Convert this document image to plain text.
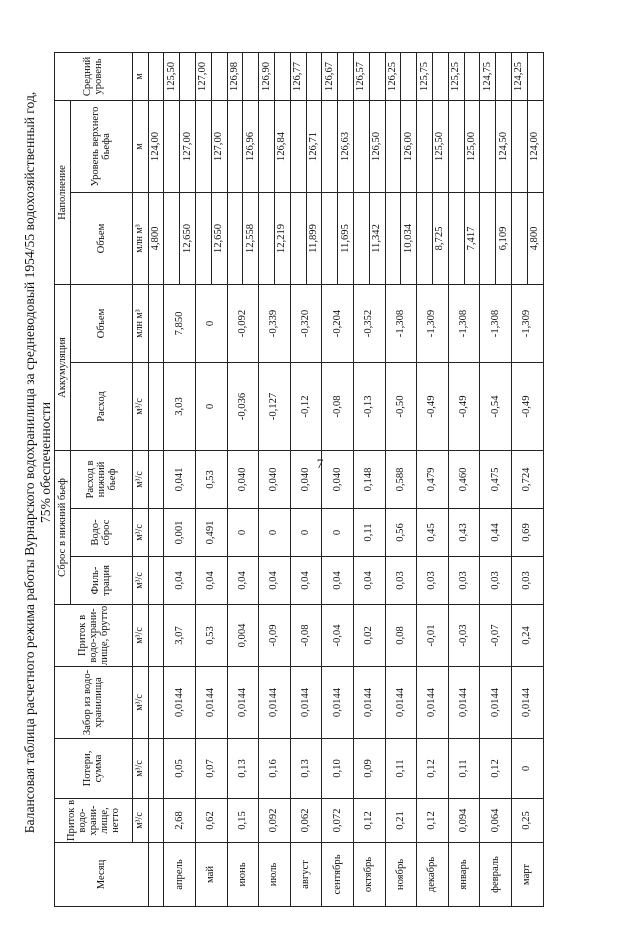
7
Балансовая таблица расчетного режима работы Вурнарского водохранилища за средневодовый 1954/55 водохозяйственный год, 75% обеспеченности
Месяц	Приток в водо-храни-лище, нетто	Потери, сумма	Забор из водо-хранилища	Приток в водо-храни-лище, брутто	Сброс в нижний бьеф			Аккумуляция		Наполнение		Средний уровень
					Филь-трация	Водо-сброс	Расход в нижний бьеф	Расход	Объем	Объем	Уровень верхнего бьефа	
	м³/с	м³/с	м³/с	м³/с	м³/с	м³/с	м³/с	м³/с	млн м³	млн м³	м	м
										4,800	124,00	
апрель	2,68	0,05	0,0144	3,07	0,04	0,001	0,041	3,03	7,850			125,50
										12,650	127,00	
май	0,62	0,07	0,0144	0,53	0,04	0,491	0,53	0	0			127,00
										12,650	127,00	
июнь	0,15	0,13	0,0144	0,004	0,04	0	0,040	-0,036	-0,092			126,98
										12,558	126,96	
июль	0,092	0,16	0,0144	-0,09	0,04	0	0,040	-0,127	-0,339			126,90
										12,219	126,84	
август	0,062	0,13	0,0144	-0,08	0,04	0	0,040	-0,12	-0,320			126,77
										11,899	126,71	
сентябрь	0,072	0,10	0,0144	-0,04	0,04	0	0,040	-0,08	-0,204			126,67
										11,695	126,63	
октябрь	0,12	0,09	0,0144	0,02	0,04	0,11	0,148	-0,13	-0,352			126,57
										11,342	126,50	
ноябрь	0,21	0,11	0,0144	0,08	0,03	0,56	0,588	-0,50	-1,308			126,25
										10,034	126,00	
декабрь	0,12	0,12	0,0144	-0,01	0,03	0,45	0,479	-0,49	-1,309			125,75
										8,725	125,50	
январь	0,094	0,11	0,0144	-0,03	0,03	0,43	0,460	-0,49	-1,308			125,25
										7,417	125,00	
февраль	0,064	0,12	0,0144	-0,07	0,03	0,44	0,475	-0,54	-1,308			124,75
										6,109	124,50	
март	0,25	0	0,0144	0,24	0,03	0,69	0,724	-0,49	-1,309			124,25
										4,800	124,00	
